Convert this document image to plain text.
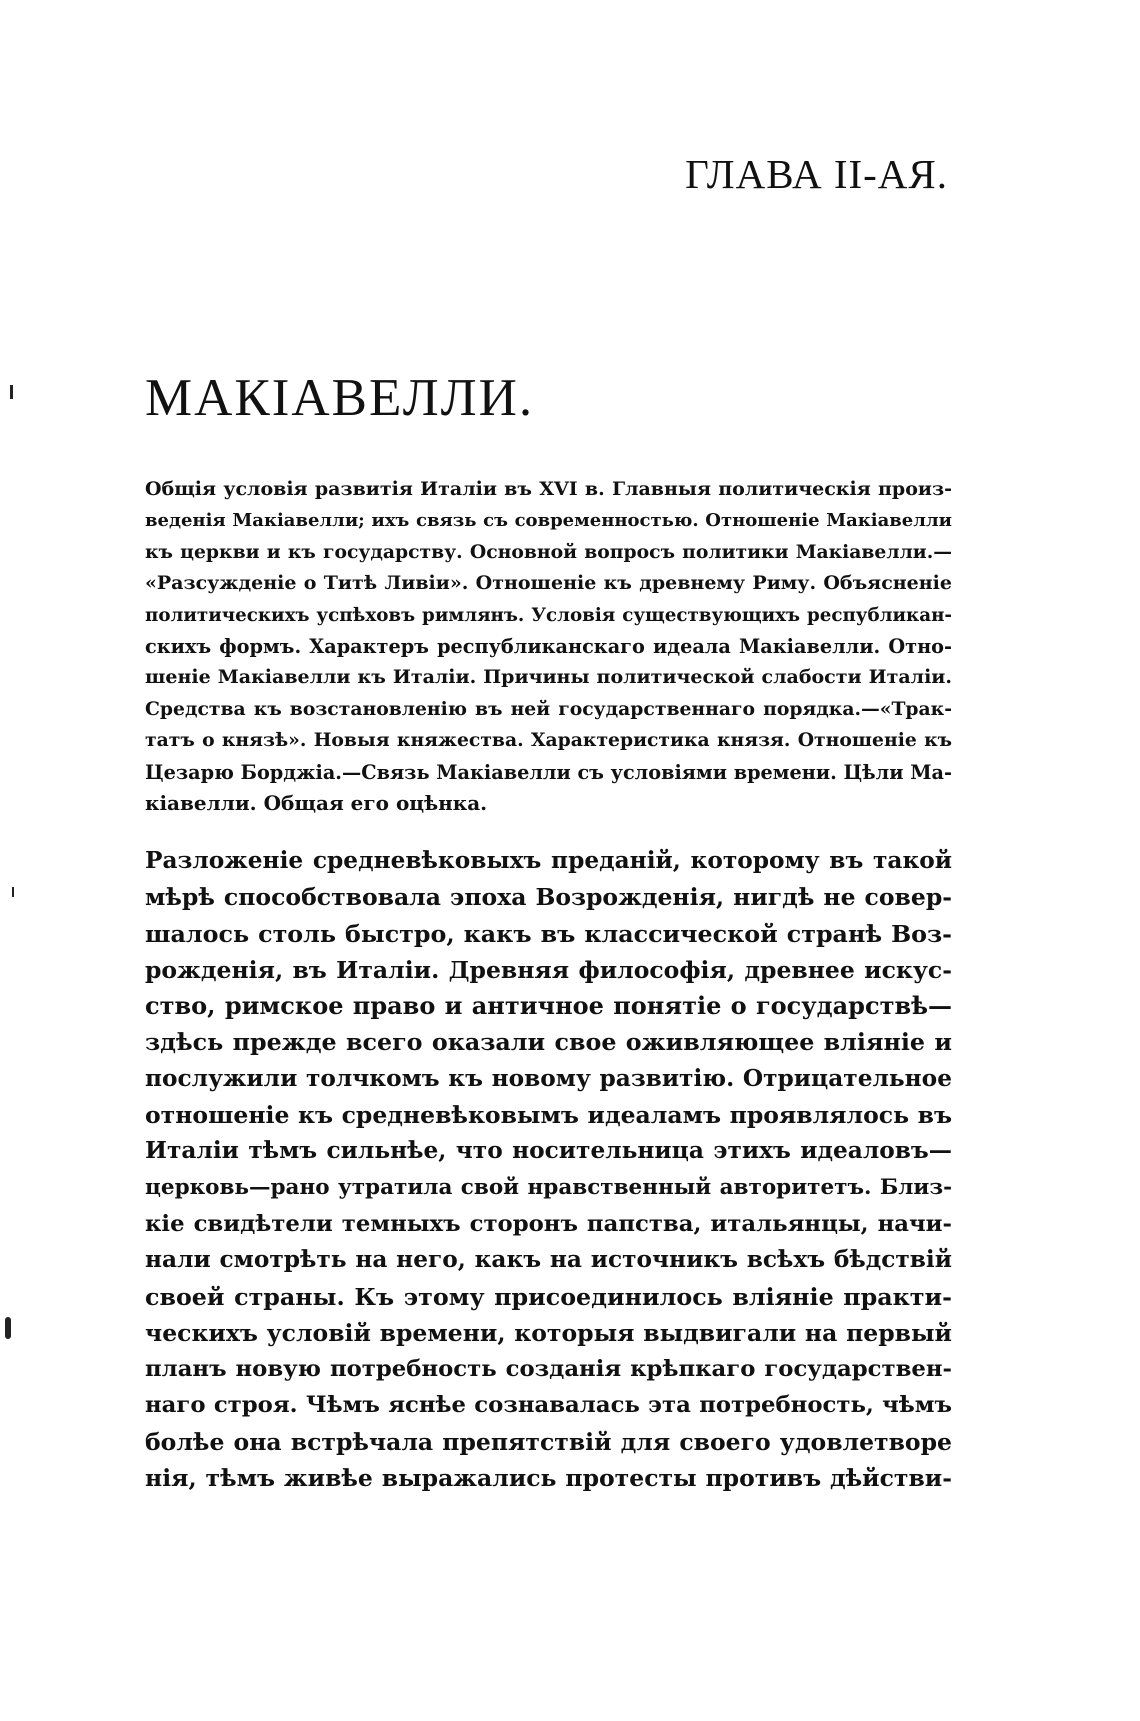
ГЛАВА II-АЯ.
МАКІАВЕЛЛИ.
Общія условія развитія Италіи въ XVI в. Главныя политическія произ-
веденія Макіавелли; ихъ связь съ современностью. Отношеніе Макіавелли
къ церкви и къ государству. Основной вопросъ политики Макіавелли.—
«Разсужденіе о Титѣ Ливіи». Отношеніе къ древнему Риму. Объясненіе
политическихъ успѣховъ римлянъ. Условія существующихъ республикан-
скихъ формъ. Характеръ республиканскаго идеала Макіавелли. Отно-
шеніе Макіавелли къ Италіи. Причины политической слабости Италіи.
Средства къ возстановленію въ ней государственнаго порядка.—«Трак-
татъ о князѣ». Новыя княжества. Характеристика князя. Отношеніе къ
Цезарю Борджіа.—Связь Макіавелли съ условіями времени. Цѣли Ма-
кіавелли. Общая его оцѣнка.
Разложеніе средневѣковыхъ преданій, которому въ такой
мѣрѣ способствовала эпоха Возрожденія, нигдѣ не совер-
шалось столь быстро, какъ въ классической странѣ Воз-
рожденія, въ Италіи. Древняя философія, древнее искус-
ство, римское право и античное понятіе о государствѣ—
здѣсь прежде всего оказали свое оживляющее вліяніе и
послужили толчкомъ къ новому развитію. Отрицательное
отношеніе къ средневѣковымъ идеаламъ проявлялось въ
Италіи тѣмъ сильнѣе, что носительница этихъ идеаловъ—
церковь—рано утратила свой нравственный авторитетъ. Близ-
кіе свидѣтели темныхъ сторонъ папства, итальянцы, начи-
нали смотрѣть на него, какъ на источникъ всѣхъ бѣдствій
своей страны. Къ этому присоединилось вліяніе практи-
ческихъ условій времени, которыя выдвигали на первый
планъ новую потребность созданія крѣпкаго государствен-
наго строя. Чѣмъ яснѣе сознавалась эта потребность, чѣмъ
болѣе она встрѣчала препятствій для своего удовлетворе
нія, тѣмъ живѣе выражались протесты противъ дѣйстви-
